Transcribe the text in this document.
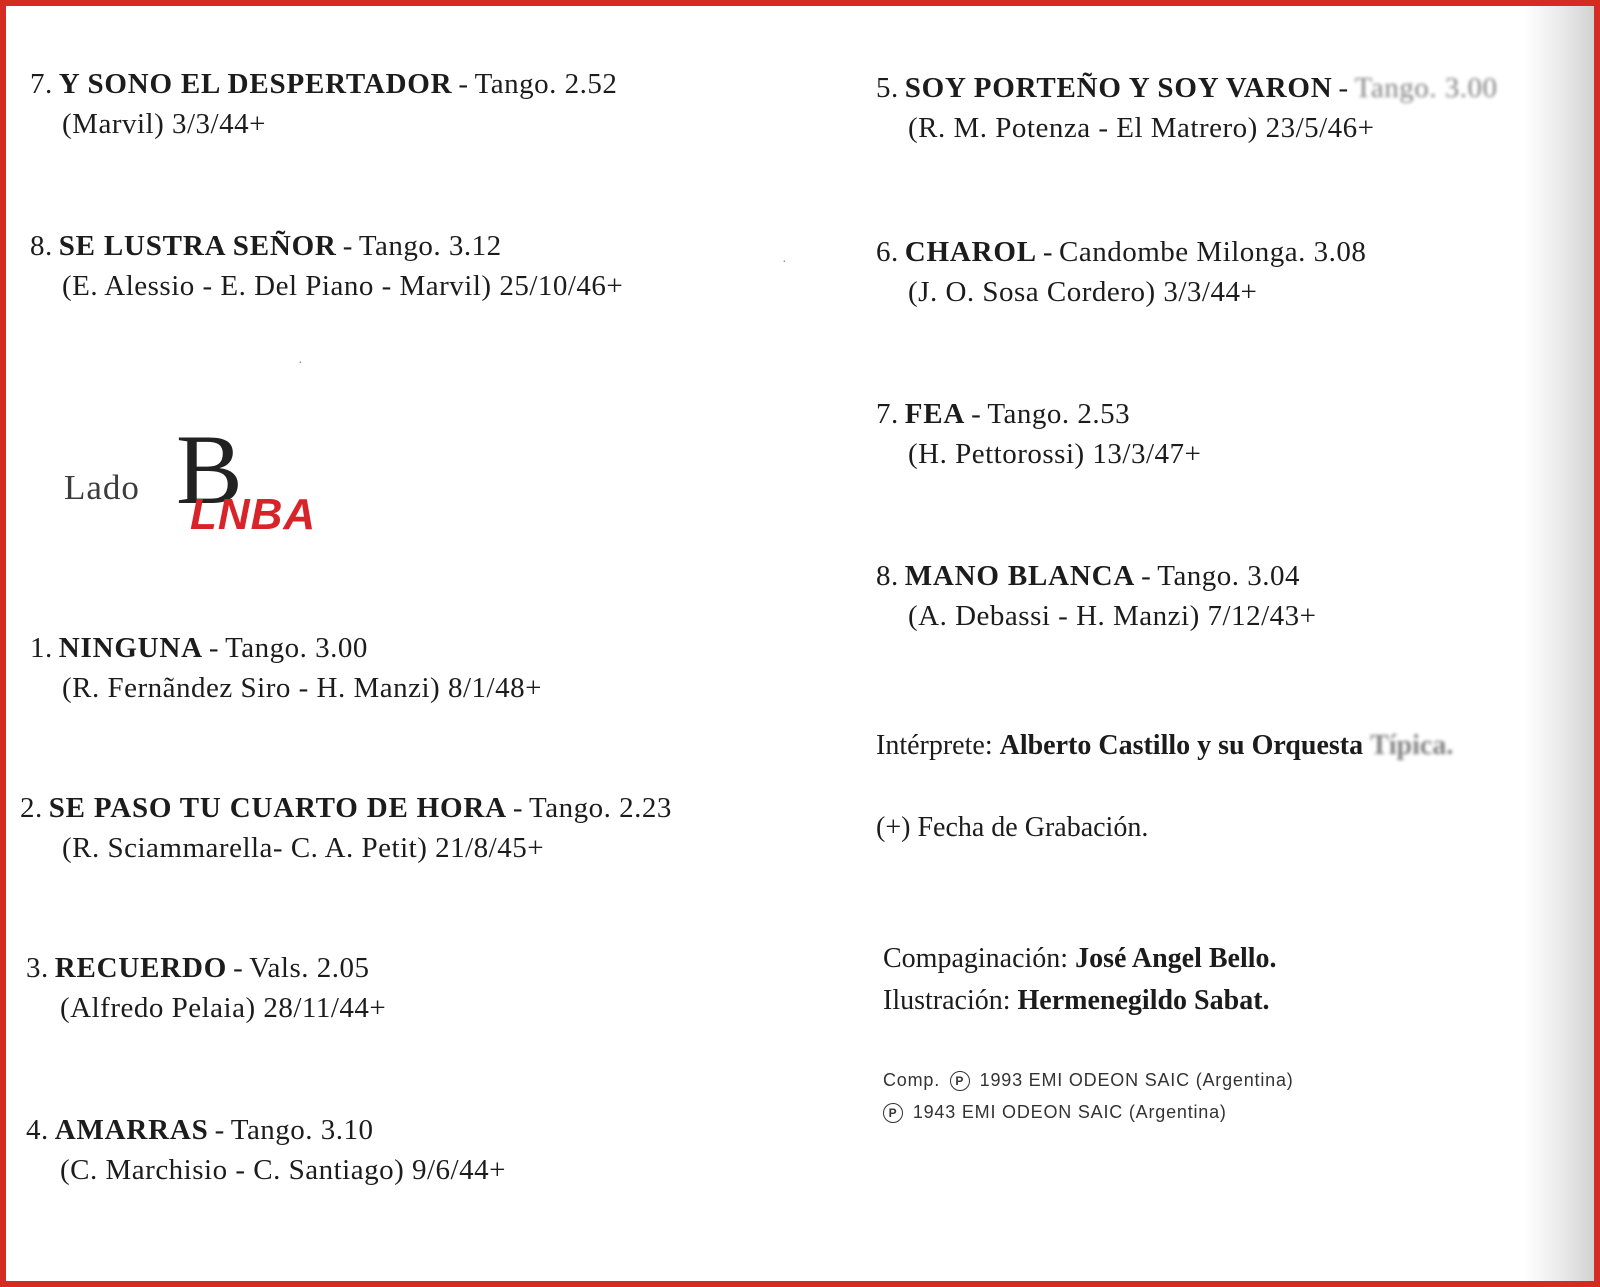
·
·
7. Y SONO EL DESPERTADOR - Tango. 2.52
(Marvil) 3/3/44+
8. SE LUSTRA SEÑOR - Tango. 3.12
(E. Alessio - E. Del Piano - Marvil) 25/10/46+
Lado B
LNBA
1. NINGUNA - Tango. 3.00
(R. Fernãndez Siro - H. Manzi) 8/1/48+
2. SE PASO TU CUARTO DE HORA - Tango. 2.23
(R. Sciammarella- C. A. Petit) 21/8/45+
3. RECUERDO - Vals. 2.05
(Alfredo Pelaia) 28/11/44+
4. AMARRAS - Tango. 3.10
(C. Marchisio - C. Santiago) 9/6/44+
5. SOY PORTEÑO Y SOY VARON - Tango. 3.00
(R. M. Potenza - El Matrero) 23/5/46+
6. CHAROL - Candombe Milonga. 3.08
(J. O. Sosa Cordero) 3/3/44+
7. FEA - Tango. 2.53
(H. Pettorossi) 13/3/47+
8. MANO BLANCA - Tango. 3.04
(A. Debassi - H. Manzi) 7/12/43+
Intérprete: Alberto Castillo y su Orquesta Típica.
(+) Fecha de Grabación.
Compaginación: José Angel Bello.
Ilustración: Hermenegildo Sabat.
Comp. P 1993 EMI ODEON SAIC (Argentina)
P 1943 EMI ODEON SAIC (Argentina)
